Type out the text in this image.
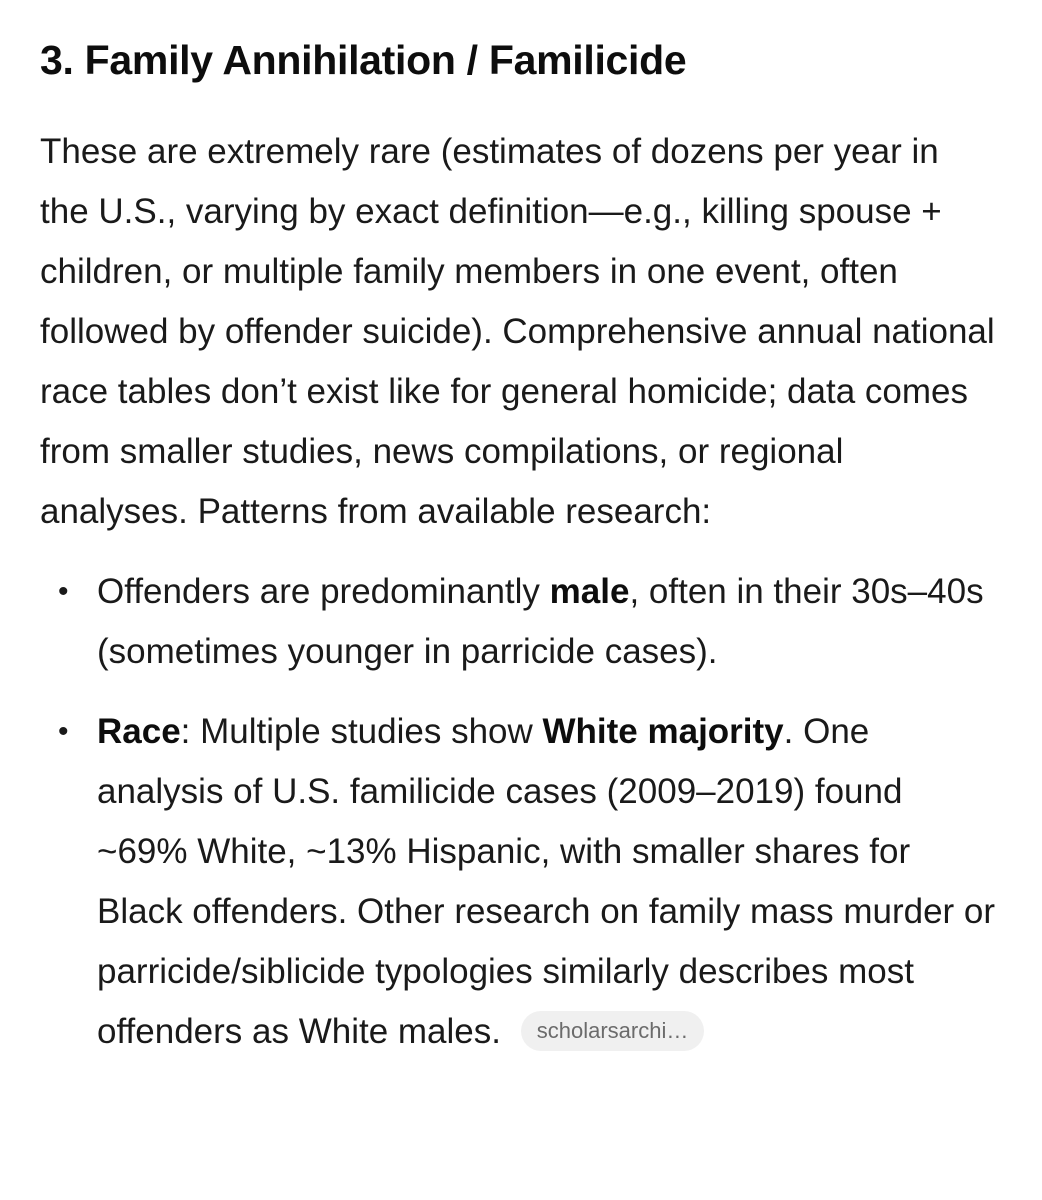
3. Family Annihilation / Familicide

These are extremely rare (estimates of dozens per year in the U.S., varying by exact definition—e.g., killing spouse + children, or multiple family members in one event, often followed by offender suicide). Comprehensive annual national race tables don’t exist like for general homicide; data comes from smaller studies, news compilations, or regional analyses. Patterns from available research:

• Offenders are predominantly male, often in their 30s–40s (sometimes younger in parricide cases).
• Race: Multiple studies show White majority. One analysis of U.S. familicide cases (2009–2019) found ~69% White, ~13% Hispanic, with smaller shares for Black offenders. Other research on family mass murder or parricide/siblicide typologies similarly describes most offenders as White males. scholarsarchi…
